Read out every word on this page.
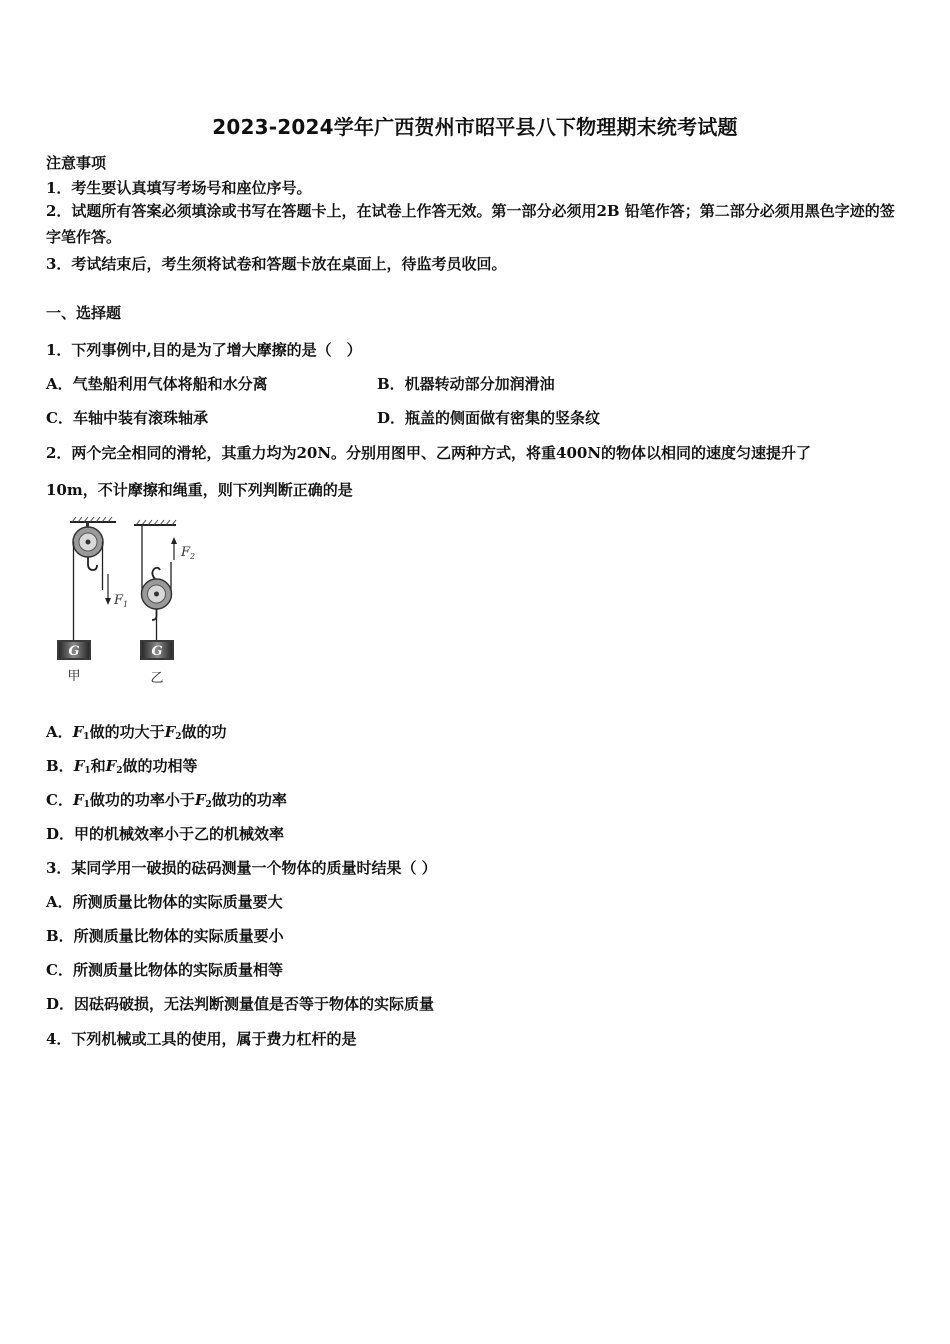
2023-2024学年广西贺州市昭平县八下物理期末统考试题
注意事项
1．考生要认真填写考场号和座位序号。
2．试题所有答案必须填涂或书写在答题卡上，在试卷上作答无效。第一部分必须用2B 铅笔作答；第二部分必须用黑色字迹的签字笔作答。
3．考试结束后，考生须将试卷和答题卡放在桌面上，待监考员收回。
一、选择题
1．下列事例中,目的是为了增大摩擦的是（　）
A．气垫船利用气体将船和水分离	B．机器转动部分加润滑油
C．车轴中装有滚珠轴承	D．瓶盖的侧面做有密集的竖条纹
2．两个完全相同的滑轮，其重力均为20N。分别用图甲、乙两种方式，将重400N的物体以相同的速度匀速提升了
10m，不计摩擦和绳重，则下列判断正确的是
$F_1$
G
甲
$F_2$
G
乙
A．$F_1$做的功大于$F_2$做的功
B．$F_1$和$F_2$做的功相等
C．$F_1$做功的功率小于$F_2$做功的功率
D．甲的机械效率小于乙的机械效率
3．某同学用一破损的砝码测量一个物体的质量时结果（ ）
A．所测质量比物体的实际质量要大
B．所测质量比物体的实际质量要小
C．所测质量比物体的实际质量相等
D．因砝码破损，无法判断测量值是否等于物体的实际质量
4．下列机械或工具的使用，属于费力杠杆的是
